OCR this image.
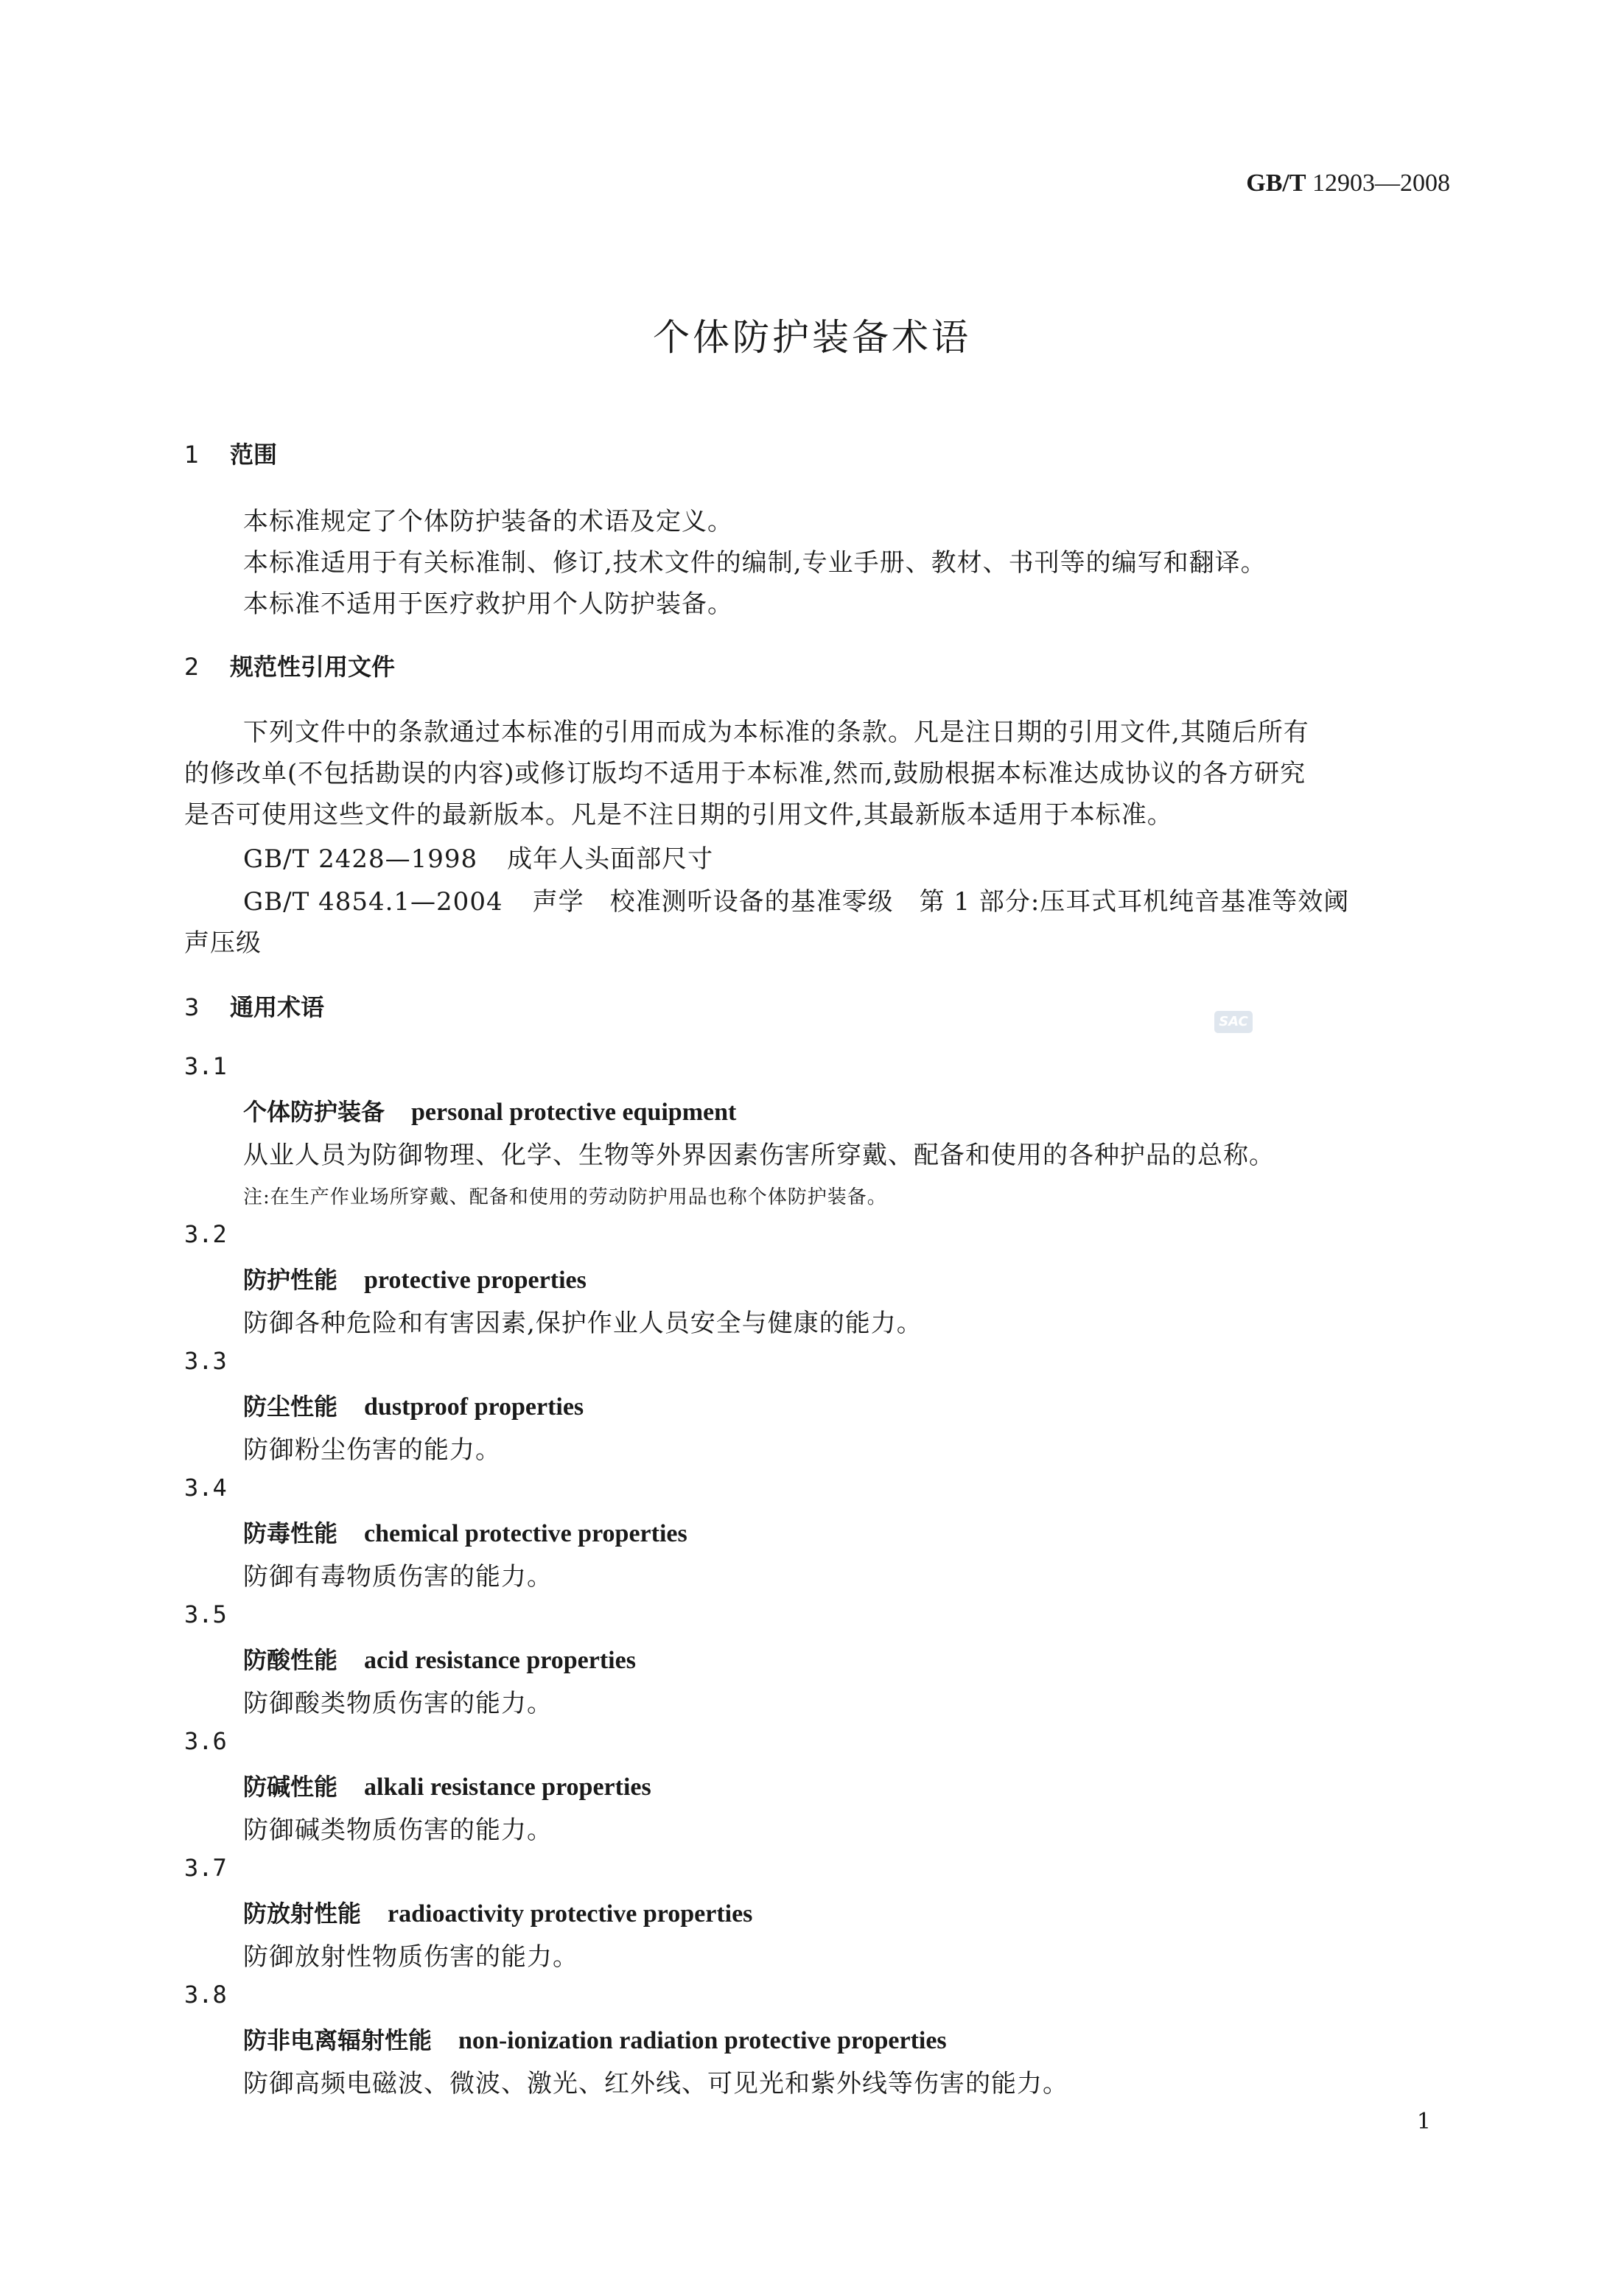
GB/T 12903—2008
个体防护装备术语
1 范围
本标准规定了个体防护装备的术语及定义。
本标准适用于有关标准制、修订,技术文件的编制,专业手册、教材、书刊等的编写和翻译。
本标准不适用于医疗救护用个人防护装备。
2 规范性引用文件
下列文件中的条款通过本标准的引用而成为本标准的条款。凡是注日期的引用文件,其随后所有
的修改单(不包括勘误的内容)或修订版均不适用于本标准,然而,鼓励根据本标准达成协议的各方研究
是否可使用这些文件的最新版本。凡是不注日期的引用文件,其最新版本适用于本标准。
GB/T 2428—1998 成年人头面部尺寸
GB/T 4854.1—2004 声学　校准测听设备的基准零级　第 1 部分:压耳式耳机纯音基准等效阈
声压级
3 通用术语
SAC
3.1
个体防护装备 personal protective equipment
从业人员为防御物理、化学、生物等外界因素伤害所穿戴、配备和使用的各种护品的总称。
注:在生产作业场所穿戴、配备和使用的劳动防护用品也称个体防护装备。
3.2
防护性能 protective properties
防御各种危险和有害因素,保护作业人员安全与健康的能力。
3.3
防尘性能 dustproof properties
防御粉尘伤害的能力。
3.4
防毒性能 chemical protective properties
防御有毒物质伤害的能力。
3.5
防酸性能 acid resistance properties
防御酸类物质伤害的能力。
3.6
防碱性能 alkali resistance properties
防御碱类物质伤害的能力。
3.7
防放射性能 radioactivity protective properties
防御放射性物质伤害的能力。
3.8
防非电离辐射性能 non-ionization radiation protective properties
防御高频电磁波、微波、激光、红外线、可见光和紫外线等伤害的能力。
1
